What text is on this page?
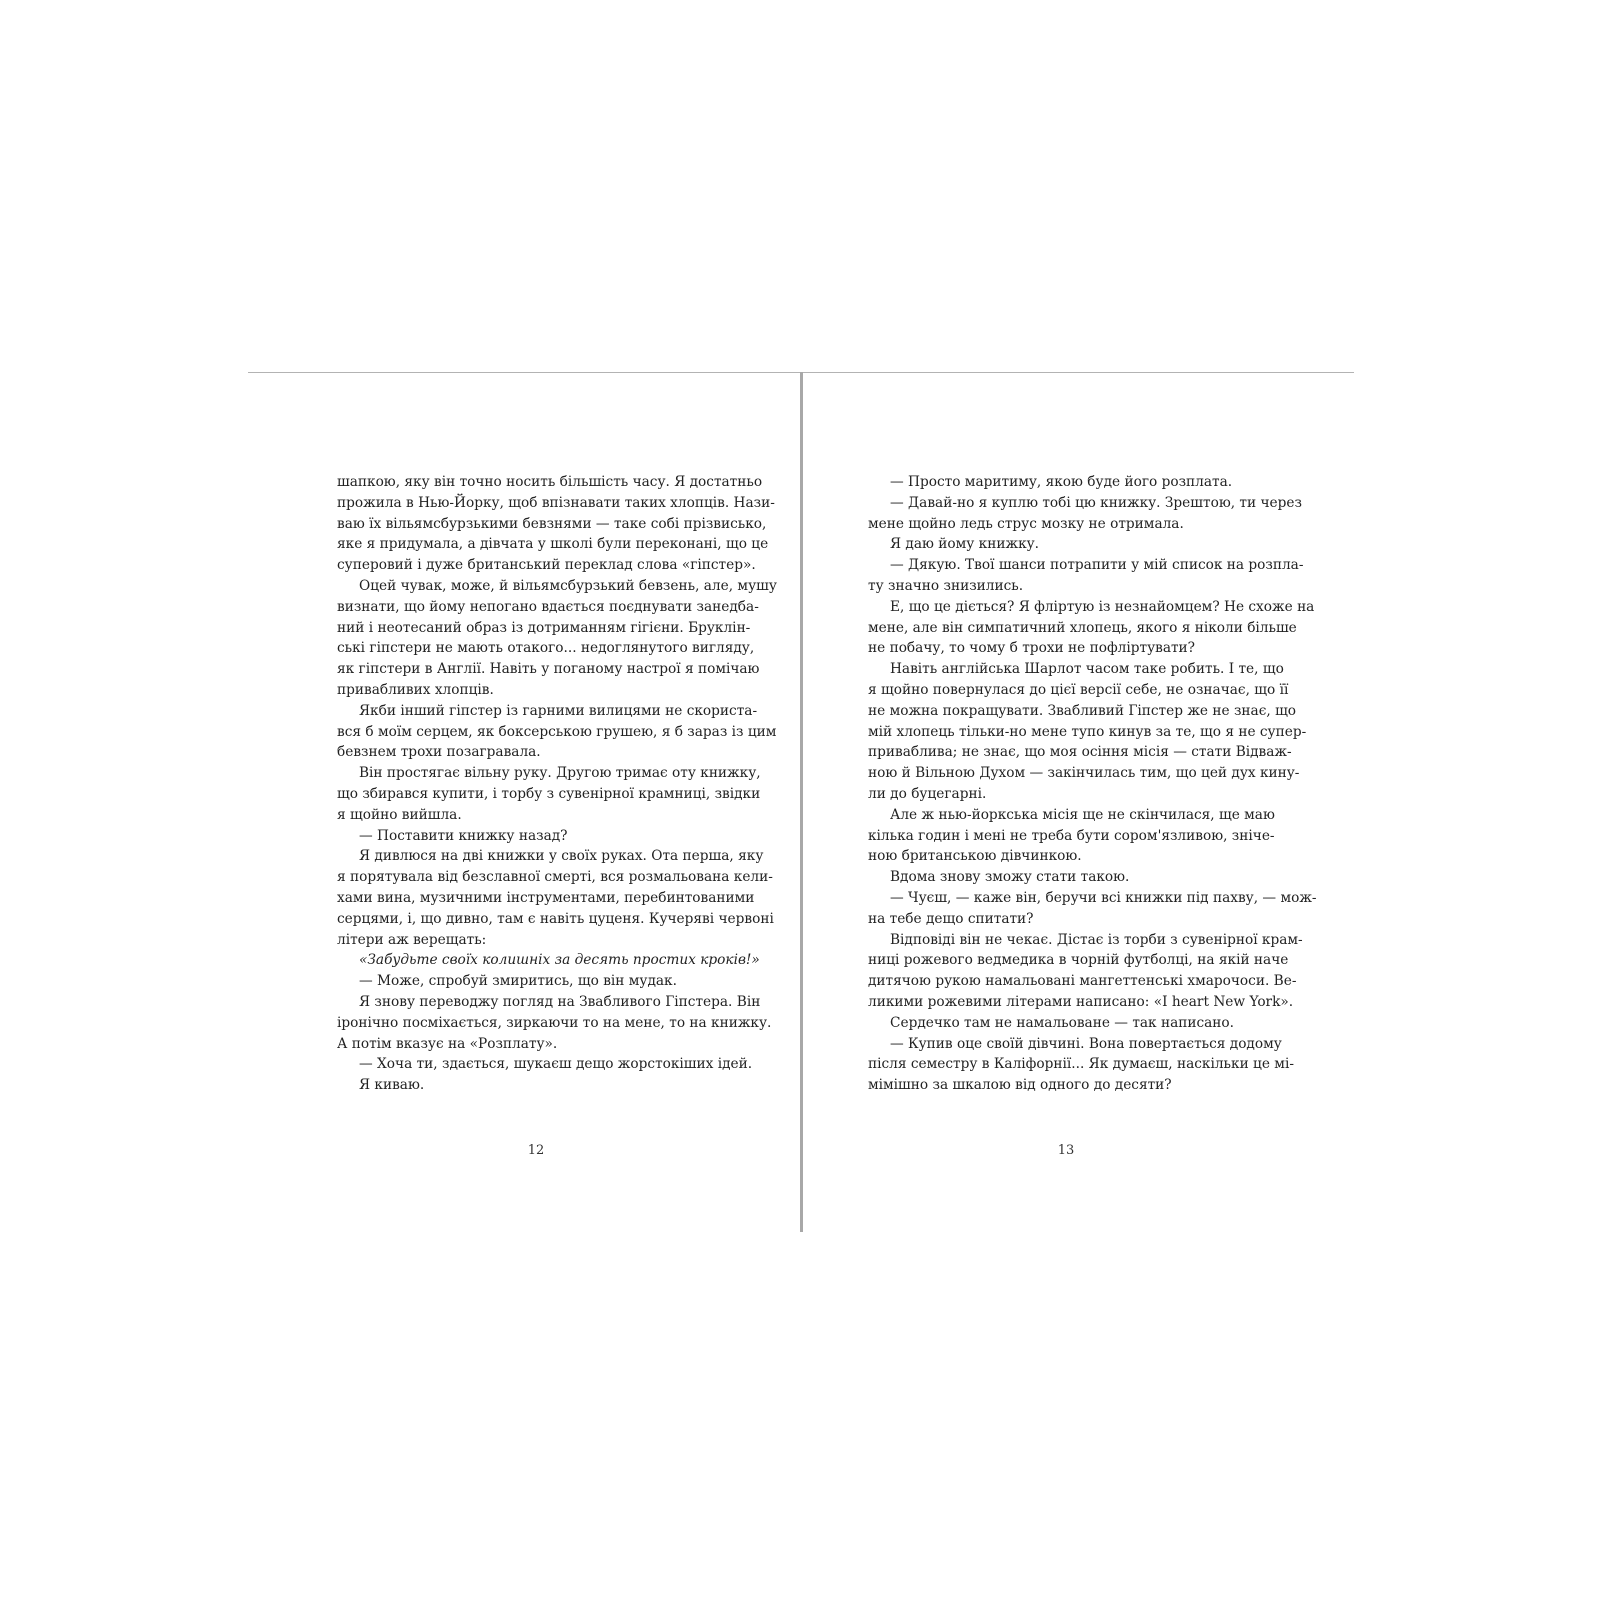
шапкою, яку він точно носить більшість часу. Я достатньо
прожила в Нью-Йорку, щоб впізнавати таких хлопців. Нази-
ваю їх вільямсбурзькими бевзнями — таке собі прізвисько,
яке я придумала, а дівчата у школі були переконані, що це
суперовий і дуже британський переклад слова «гіпстер».
Оцей чувак, може, й вільямсбурзький бевзень, але, мушу
визнати, що йому непогано вдається поєднувати занедба-
ний і неотесаний образ із дотриманням гігієни. Бруклін-
ські гіпстери не мають отакого... недоглянутого вигляду,
як гіпстери в Англії. Навіть у поганому настрої я помічаю
привабливих хлопців.
Якби інший гіпстер із гарними вилицями не скориста-
вся б моїм серцем, як боксерською грушею, я б зараз із цим
бевзнем трохи позагравала.
Він простягає вільну руку. Другою тримає оту книжку,
що збирався купити, і торбу з сувенірної крамниці, звідки
я щойно вийшла.
— Поставити книжку назад?
Я дивлюся на дві книжки у своїх руках. Ота перша, яку
я порятувала від безславної смерті, вся розмальована кели-
хами вина, музичними інструментами, перебинтованими
серцями, і, що дивно, там є навіть цуценя. Кучеряві червоні
літери аж верещать:
«Забудьте своїх колишніх за десять простих кроків!»
— Може, спробуй змиритись, що він мудак.
Я знову переводжу погляд на Звабливого Гіпстера. Він
іронічно посміхається, зиркаючи то на мене, то на книжку.
А потім вказує на «Розплату».
— Хоча ти, здається, шукаєш дещо жорстокіших ідей.
Я киваю.
— Просто маритиму, якою буде його розплата.
— Давай-но я куплю тобі цю книжку. Зрештою, ти через
мене щойно ледь струс мозку не отримала.
Я даю йому книжку.
— Дякую. Твої шанси потрапити у мій список на розпла-
ту значно знизились.
Е, що це діється? Я фліртую із незнайомцем? Не схоже на
мене, але він симпатичний хлопець, якого я ніколи більше
не побачу, то чому б трохи не пофліртувати?
Навіть англійська Шарлот часом таке робить. І те, що
я щойно повернулася до цієї версії себе, не означає, що її
не можна покращувати. Звабливий Гіпстер же не знає, що
мій хлопець тільки-но мене тупо кинув за те, що я не супер-
приваблива; не знає, що моя осіння місія — стати Відваж-
ною й Вільною Духом — закінчилась тим, що цей дух кину-
ли до буцегарні.
Але ж нью-йоркська місія ще не скінчилася, ще маю
кілька годин і мені не треба бути сором'язливою, зніче-
ною британською дівчинкою.
Вдома знову зможу стати такою.
— Чуєш, — каже він, беручи всі книжки під пахву, — мож-
на тебе дещо спитати?
Відповіді він не чекає. Дістає із торби з сувенірної крам-
ниці рожевого ведмедика в чорній футболці, на якій наче
дитячою рукою намальовані мангеттенські хмарочоси. Ве-
ликими рожевими літерами написано: «I heart New York».
Сердечко там не намальоване — так написано.
— Купив оце своїй дівчині. Вона повертається додому
після семестру в Каліфорнії... Як думаєш, наскільки це мі-
мімішно за шкалою від одного до десяти?
12	13
